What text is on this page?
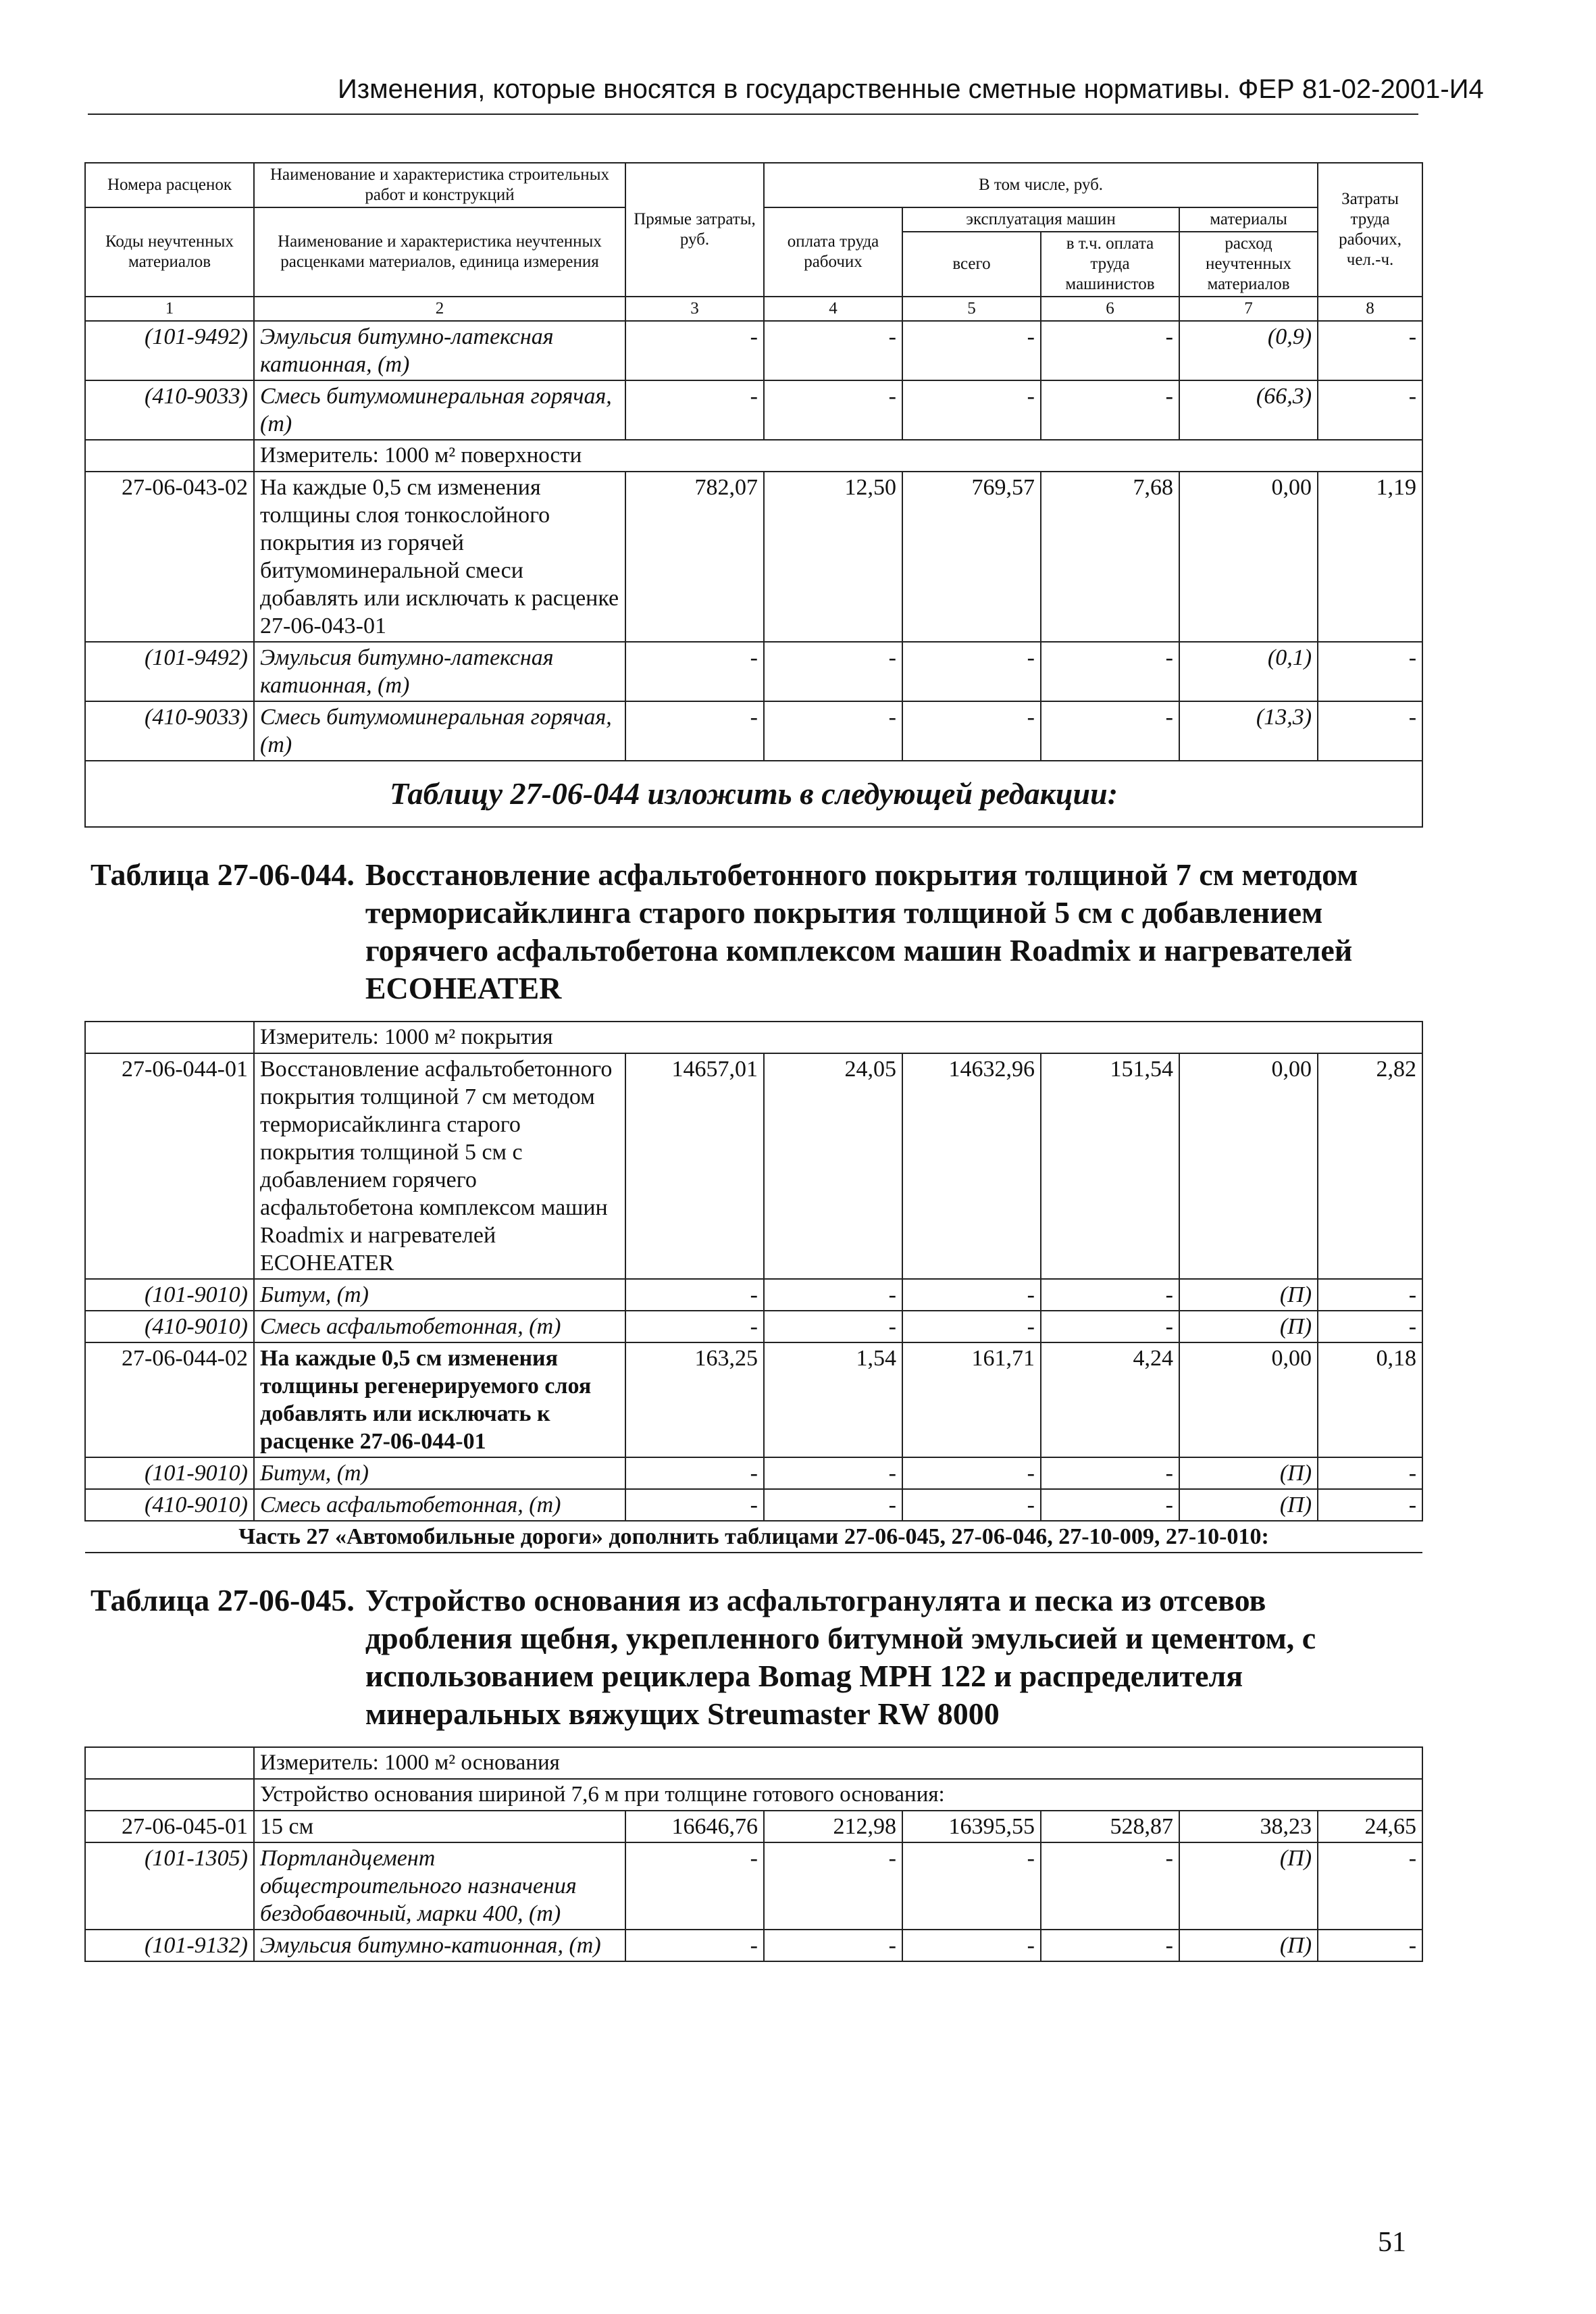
Изменения, которые вносятся в государственные сметные нормативы. ФЕР 81-02-2001-И4
Номера расценок	Наименование и характеристика строительных работ и конструкций	Прямые затраты, руб.	В том числе, руб.				Затраты труда рабочих, чел.-ч.
Коды неучтенных материалов	Наименование и характеристика неучтенных расценками материалов, единица измерения		оплата труда рабочих	эксплуатация машин		материалы	
				всего	в т.ч. оплата труда машинистов	расход неучтенных материалов	
1	2	3	4	5	6	7	8
(101-9492)	Эмульсия битумно-латексная катионная, (т)	-	-	-	-	(0,9)	-
(410-9033)	Смесь битумоминеральная горячая, (т)	-	-	-	-	(66,3)	-
	Измеритель: 1000 м² поверхности						
27-06-043-02	На каждые 0,5 см изменения толщины слоя тонкослойного покрытия из горячей битумоминеральной смеси добавлять или исключать к расценке 27-06-043-01	782,07	12,50	769,57	7,68	0,00	1,19
(101-9492)	Эмульсия битумно-латексная катионная, (т)	-	-	-	-	(0,1)	-
(410-9033)	Смесь битумоминеральная горячая, (т)	-	-	-	-	(13,3)	-
Таблицу 27-06-044 изложить в следующей редакции:							

Таблица 27-06-044. Восстановление асфальтобетонного покрытия толщиной 7 см методом терморисайклинга старого покрытия толщиной 5 см с добавлением горячего асфальтобетона комплексом машин Roadmix и нагревателей ECOHEATER							

	Измеритель: 1000 м² покрытия						
27-06-044-01	Восстановление асфальтобетонного покрытия толщиной 7 см методом терморисайклинга старого покрытия толщиной 5 см с добавлением горячего асфальтобетона комплексом машин Roadmix и нагревателей ECOHEATER	14657,01	24,05	14632,96	151,54	0,00	2,82
(101-9010)	Битум, (т)	-	-	-	-	(П)	-
(410-9010)	Смесь асфальтобетонная, (т)	-	-	-	-	(П)	-
27-06-044-02	На каждые 0,5 см изменения толщины регенерируемого слоя добавлять или исключать к расценке 27-06-044-01	163,25	1,54	161,71	4,24	0,00	0,18
(101-9010)	Битум, (т)	-	-	-	-	(П)	-
(410-9010)	Смесь асфальтобетонная, (т)	-	-	-	-	(П)	-
Часть 27 «Автомобильные дороги» дополнить таблицами 27-06-045, 27-06-046, 27-10-009, 27-10-010:							

Таблица 27-06-045. Устройство основания из асфальтогранулята и песка из отсевов дробления щебня, укрепленного битумной эмульсией и цементом, с использованием рециклера Bomag MPH 122 и распределителя минеральных вяжущих Streumaster RW 8000							

	Измеритель: 1000 м² основания						
	Устройство основания шириной 7,6 м при толщине готового основания:						
27-06-045-01	15 см	16646,76	212,98	16395,55	528,87	38,23	24,65
(101-1305)	Портландцемент общестроительного назначения бездобавочный, марки 400, (т)	-	-	-	-	(П)	-
(101-9132)	Эмульсия битумно-катионная, (т)	-	-	-	-	(П)	-
51
